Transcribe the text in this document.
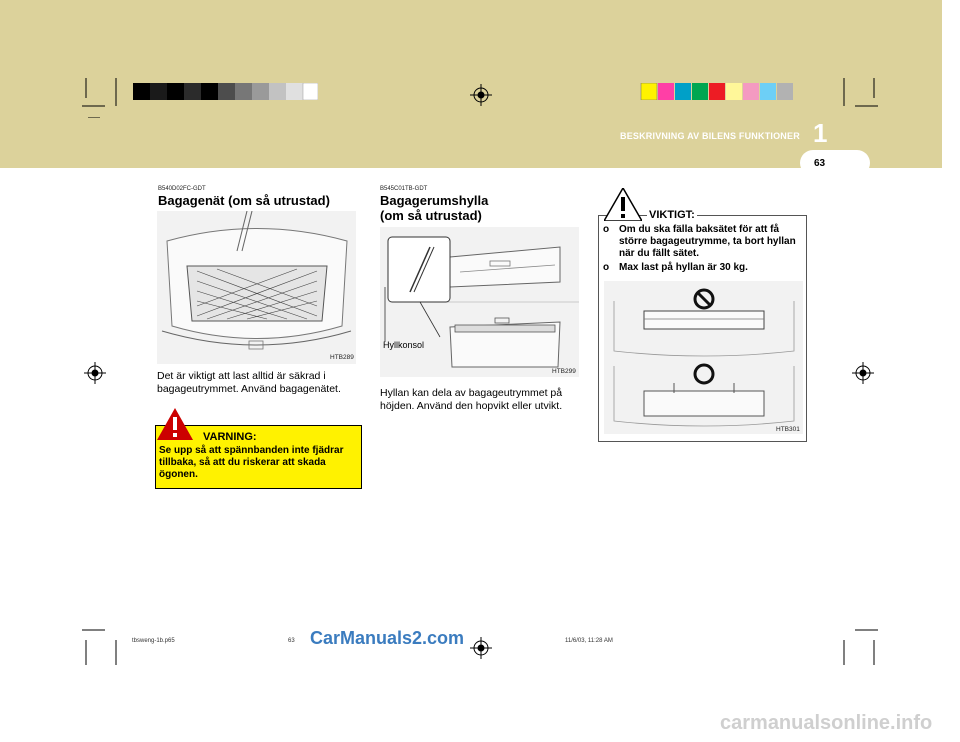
BESKRIVNING AV BILENS FUNKTIONER 1
63
B540D02FC-GDT
Bagagenät (om så utrustad)
HTB289
Det är viktigt att last alltid är säkrad i bagageutrymmet. Använd bagagenätet.
VARNING:
Se upp så att spännbanden inte fjädrar tillbaka, så att du riskerar att skada ögonen.
B545C01TB-GDT
Bagagerumshylla
(om så utrustad)
Hyllkonsol
HTB299
Hyllan kan dela av bagageutrymmet på höjden. Använd den hopvikt eller utvikt.
VIKTIGT:
o Om du ska fälla baksätet för att få större bagageutrymme, ta bort hyllan när du fällt sätet.
o Max last på hyllan är 30 kg.
HTB301
tbsweng-1b.p65	63	11/6/03, 11:28 AM
CarManuals2.com
carmanualsonline.info
